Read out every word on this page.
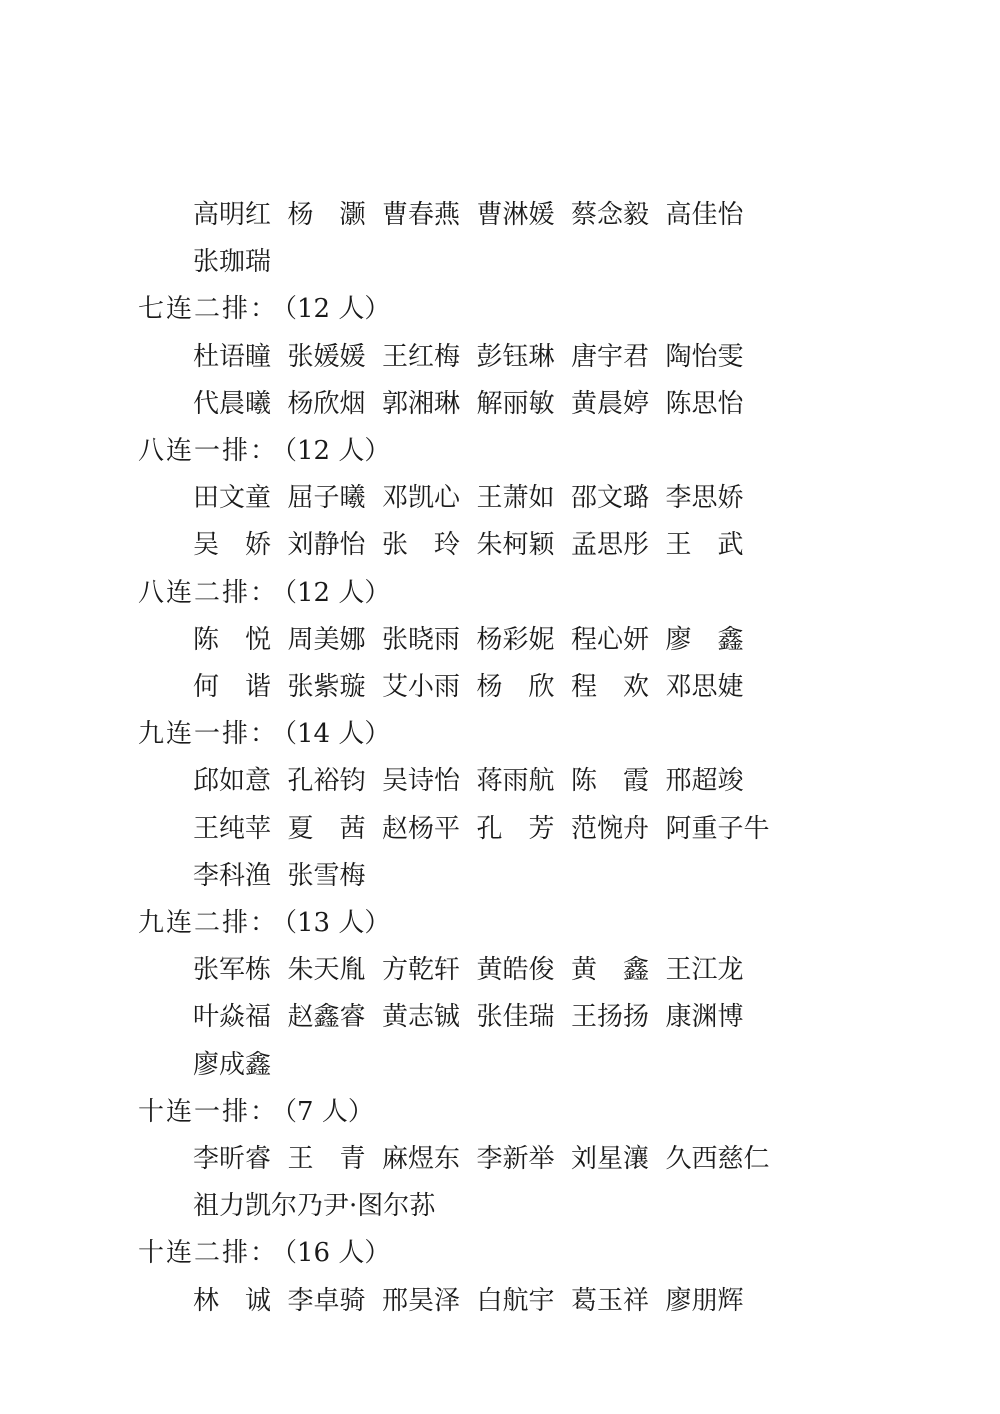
高明红 杨　灏 曹春燕 曹淋媛 蔡念毅 高佳怡
张珈瑞
七连二排： （12 人）
杜语瞳 张媛媛 王红梅 彭钰琳 唐宇君 陶怡雯
代晨曦 杨欣烟 郭湘琳 解丽敏 黄晨婷 陈思怡
八连一排： （12 人）
田文童 屈子曦 邓凯心 王萧如 邵文璐 李思娇
吴　娇 刘静怡 张　玲 朱柯颖 孟思彤 王　武
八连二排： （12 人）
陈　悦 周美娜 张晓雨 杨彩妮 程心妍 廖　鑫
何　谐 张紫璇 艾小雨 杨　欣 程　欢 邓思婕
九连一排： （14 人）
邱如意 孔裕钧 吴诗怡 蒋雨航 陈　霞 邢超竣
王纯苹 夏　茜 赵杨平 孔　芳 范惋舟 阿重子牛
李科渔 张雪梅
九连二排： （13 人）
张军栋 朱天胤 方乾轩 黄皓俊 黄　鑫 王江龙
叶焱福 赵鑫睿 黄志铖 张佳瑞 王扬扬 康渊博
廖成鑫
十连一排： （7 人）
李昕睿 王　青 麻煜东 李新举 刘星瀼 久西慈仁
祖力凯尔乃尹·图尔荪
十连二排： （16 人）
林　诚 李卓骑 邢昊泽 白航宇 葛玉祥 廖朋辉
